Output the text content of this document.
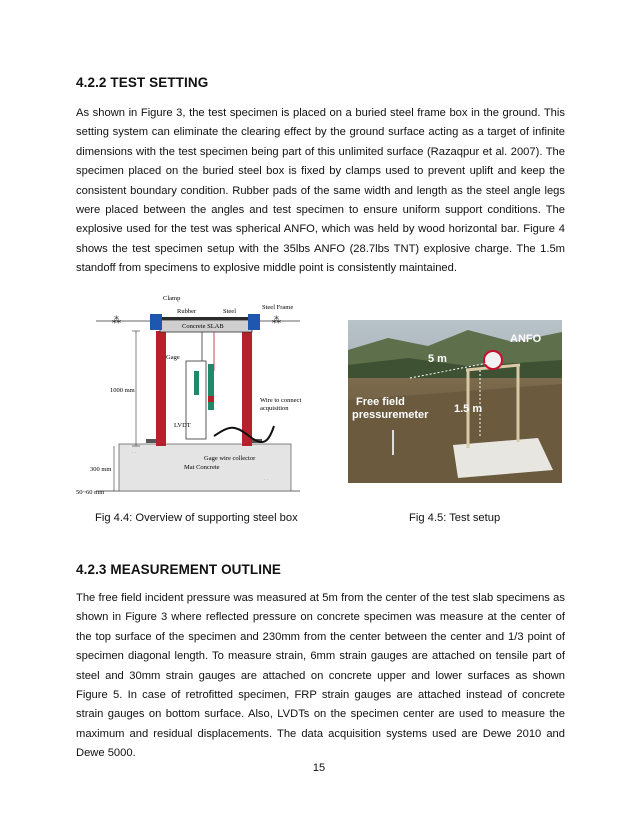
4.2.2 TEST SETTING

As shown in Figure 3, the test specimen is placed on a buried steel frame box in the ground. This setting system can eliminate the clearing effect by the ground surface acting as a target of infinite dimensions with the test specimen being part of this unlimited surface (Razaqpur et al. 2007). The specimen placed on the buried steel box is fixed by clamps used to prevent uplift and keep the consistent boundary condition. Rubber pads of the same width and length as the steel angle legs were placed between the angles and test specimen to ensure uniform support conditions. The explosive used for the test was spherical ANFO, which was held by wood horizontal bar. Figure 4 shows the test specimen setup with the 35lbs ANFO (28.7lbs TNT) explosive charge. The 1.5m standoff from specimens to explosive middle point is consistently maintained.

⁂	⁂
· ·
· ·
Clamp
Rubber	Steel
Steel Frame
Concrete SLAB
Gage
1000 mm
Wire to connect
acquisition
LVDT
Gage wire collector
Mat Concrete
300 mm
50~60 mm
ANFO
5 m
Free field
pressuremeter 1.5 m

Fig 4.4: Overview of supporting steel box	Fig 4.5: Test setup

4.2.3 MEASUREMENT OUTLINE

The free field incident pressure was measured at 5m from the center of the test slab specimens as shown in Figure 3 where reflected pressure on concrete specimen was measure at the center of the top surface of the specimen and 230mm from the center between the center and 1/3 point of specimen diagonal length. To measure strain, 6mm strain gauges are attached on tensile part of steel and 30mm strain gauges are attached on concrete upper and lower surfaces as shown Figure 5. In case of retrofitted specimen, FRP strain gauges are attached instead of concrete strain gauges on bottom surface. Also, LVDTs on the specimen center are used to measure the maximum and residual displacements. The data acquisition systems used are Dewe 2010 and Dewe 5000.

15
